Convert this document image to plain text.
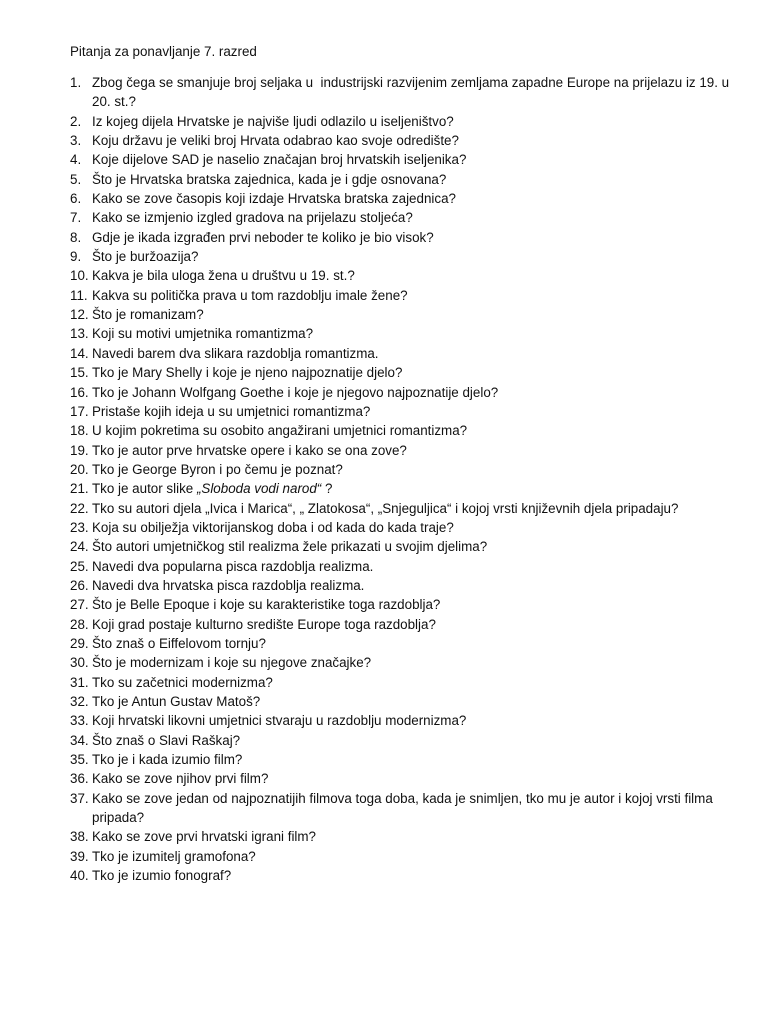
Pitanja za ponavljanje 7. razred
1. Zbog čega se smanjuje broj seljaka u  industrijski razvijenim zemljama zapadne Europe na prijelazu iz 19. u 20. st.?
2. Iz kojeg dijela Hrvatske je najviše ljudi odlazilo u iseljeništvo?
3. Koju državu je veliki broj Hrvata odabrao kao svoje odredište?
4. Koje dijelove SAD je naselio značajan broj hrvatskih iseljenika?
5. Što je Hrvatska bratska zajednica, kada je i gdje osnovana?
6. Kako se zove časopis koji izdaje Hrvatska bratska zajednica?
7. Kako se izmjenio izgled gradova na prijelazu stoljeća?
8. Gdje je ikada izgrađen prvi neboder te koliko je bio visok?
9. Što je buržoazija?
10. Kakva je bila uloga žena u društvu u 19. st.?
11. Kakva su politička prava u tom razdoblju imale žene?
12. Što je romanizam?
13. Koji su motivi umjetnika romantizma?
14. Navedi barem dva slikara razdoblja romantizma.
15. Tko je Mary Shelly i koje je njeno najpoznatije djelo?
16. Tko je Johann Wolfgang Goethe i koje je njegovo najpoznatije djelo?
17. Pristaše kojih ideja u su umjetnici romantizma?
18. U kojim pokretima su osobito angažirani umjetnici romantizma?
19. Tko je autor prve hrvatske opere i kako se ona zove?
20. Tko je George Byron i po čemu je poznat?
21. Tko je autor slike „Sloboda vodi narod“ ?
22. Tko su autori djela „Ivica i Marica“, „ Zlatokosa“, „Snjeguljica“ i kojoj vrsti književnih djela pripadaju?
23. Koja su obilježja viktorijanskog doba i od kada do kada traje?
24. Što autori umjetničkog stil realizma žele prikazati u svojim djelima?
25. Navedi dva popularna pisca razdoblja realizma.
26. Navedi dva hrvatska pisca razdoblja realizma.
27. Što je Belle Epoque i koje su karakteristike toga razdoblja?
28. Koji grad postaje kulturno središte Europe toga razdoblja?
29. Što znaš o Eiffelovom tornju?
30. Što je modernizam i koje su njegove značajke?
31. Tko su začetnici modernizma?
32. Tko je Antun Gustav Matoš?
33. Koji hrvatski likovni umjetnici stvaraju u razdoblju modernizma?
34. Što znaš o Slavi Raškaj?
35. Tko je i kada izumio film?
36. Kako se zove njihov prvi film?
37. Kako se zove jedan od najpoznatijih filmova toga doba, kada je snimljen, tko mu je autor i kojoj vrsti filma pripada?
38. Kako se zove prvi hrvatski igrani film?
39. Tko je izumitelj gramofona?
40. Tko je izumio fonograf?
